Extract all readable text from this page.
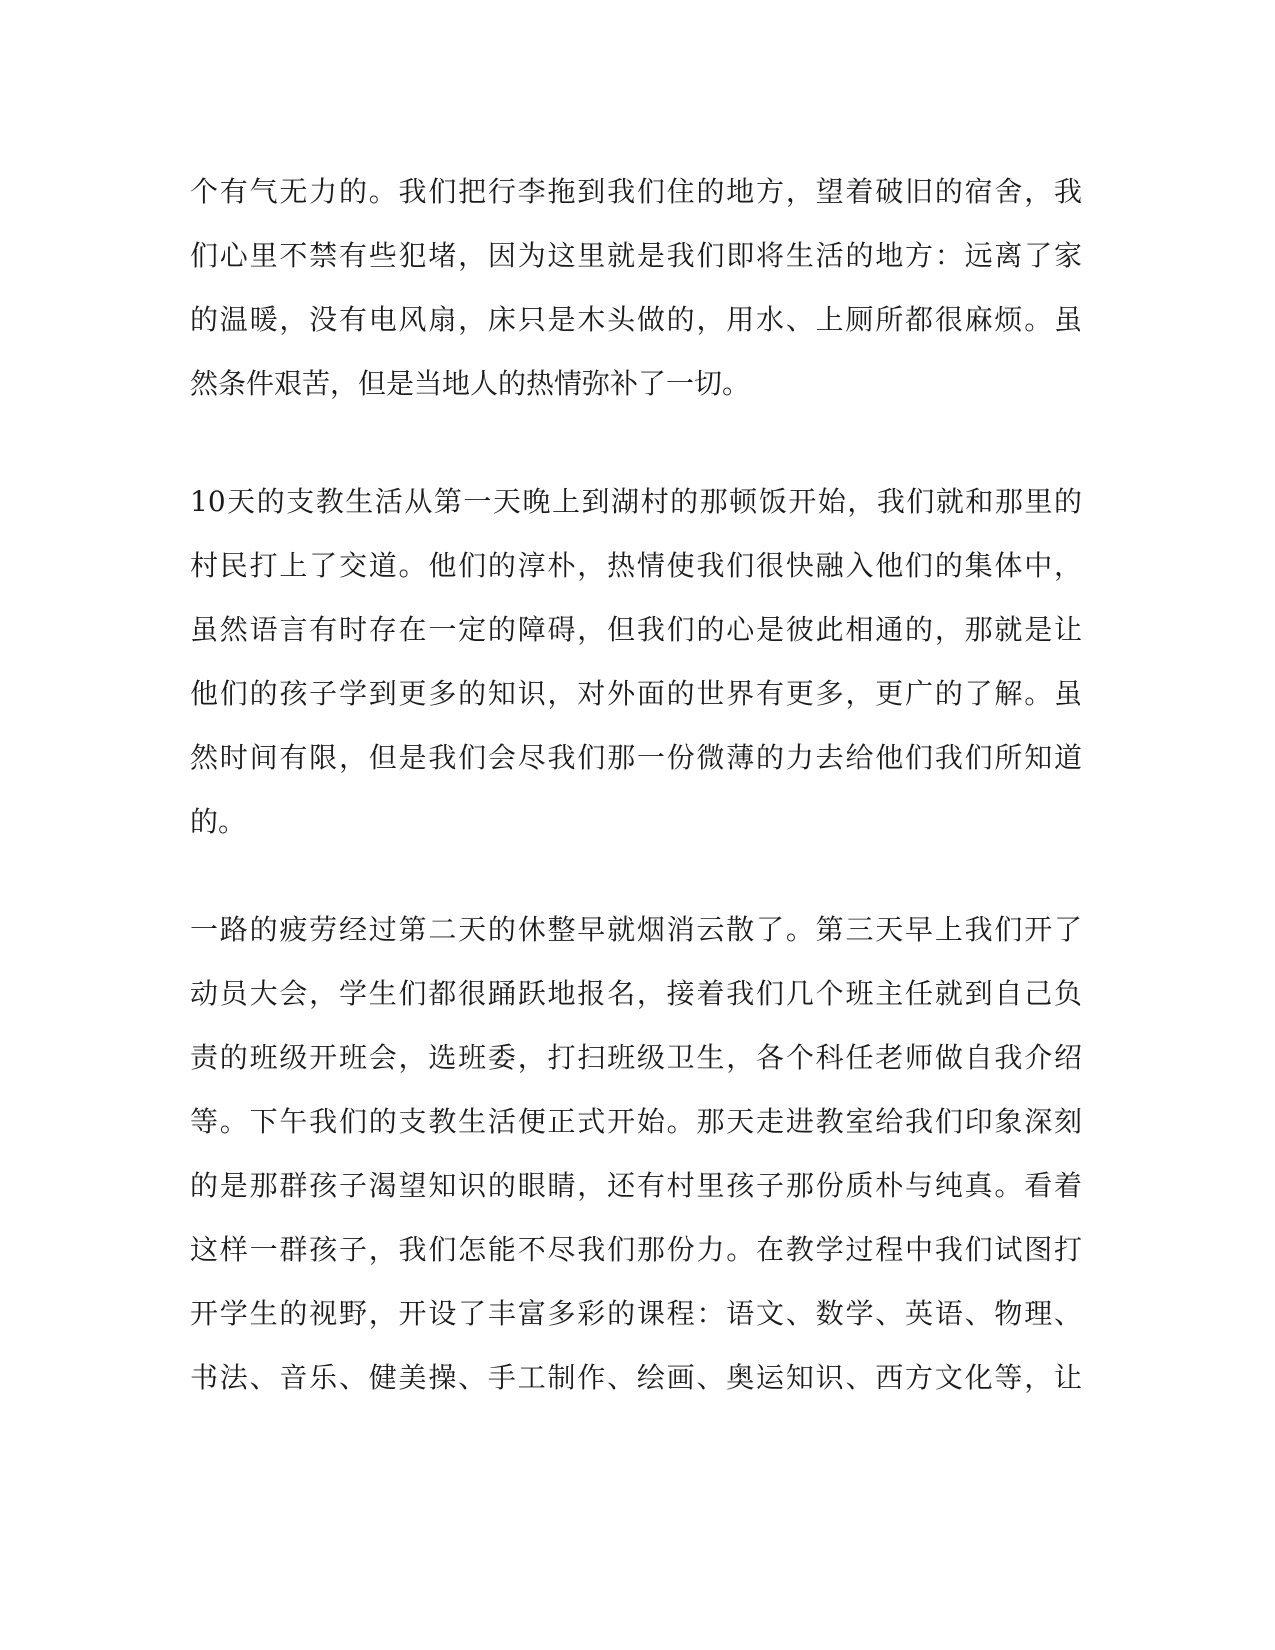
个有气无力的。我们把行李拖到我们住的地方，望着破旧的宿舍，我
们心里不禁有些犯堵，因为这里就是我们即将生活的地方：远离了家
的温暖，没有电风扇，床只是木头做的，用水、上厕所都很麻烦。虽
然条件艰苦，但是当地人的热情弥补了一切。
10天的支教生活从第一天晚上到湖村的那顿饭开始，我们就和那里的
村民打上了交道。他们的淳朴，热情使我们很快融入他们的集体中，
虽然语言有时存在一定的障碍，但我们的心是彼此相通的，那就是让
他们的孩子学到更多的知识，对外面的世界有更多，更广的了解。虽
然时间有限，但是我们会尽我们那一份微薄的力去给他们我们所知道
的。
一路的疲劳经过第二天的休整早就烟消云散了。第三天早上我们开了
动员大会，学生们都很踊跃地报名，接着我们几个班主任就到自己负
责的班级开班会，选班委，打扫班级卫生，各个科任老师做自我介绍
等。下午我们的支教生活便正式开始。那天走进教室给我们印象深刻
的是那群孩子渴望知识的眼睛，还有村里孩子那份质朴与纯真。看着
这样一群孩子，我们怎能不尽我们那份力。在教学过程中我们试图打
开学生的视野，开设了丰富多彩的课程：语文、数学、英语、物理、
书法、音乐、健美操、手工制作、绘画、奥运知识、西方文化等，让
